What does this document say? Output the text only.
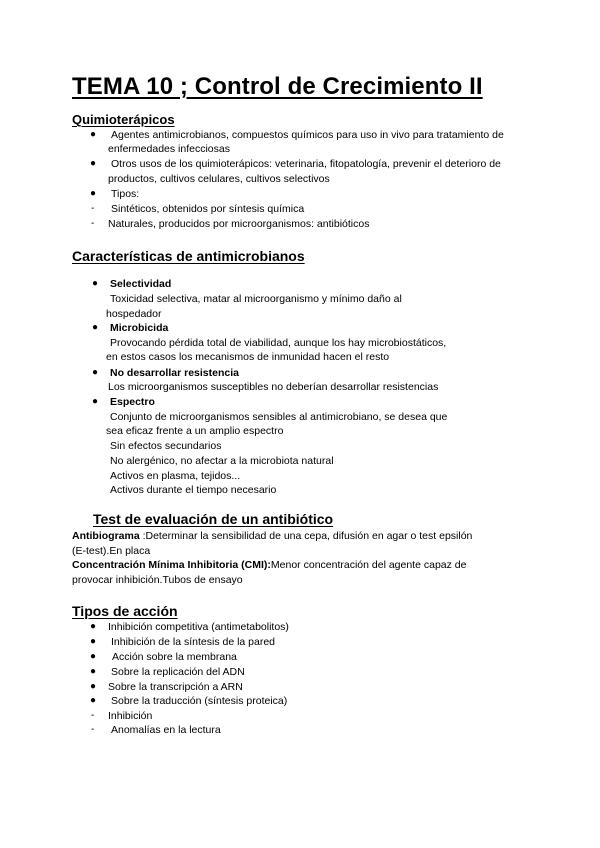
TEMA 10 ; Control de Crecimiento II
Quimioterápicos
● Agentes antimicrobianos, compuestos químicos para uso in vivo para tratamiento de
enfermedades infecciosas
● Otros usos de los quimioterápicos: veterinaria, fitopatología, prevenir el deterioro de
productos, cultivos celulares, cultivos selectivos
● Tipos:
- Sintéticos, obtenidos por síntesis química
- Naturales, producidos por microorganismos: antibióticos
Características de antimicrobianos
● Selectividad
Toxicidad selectiva, matar al microorganismo y mínimo daño al
hospedador
● Microbicida
Provocando pérdida total de viabilidad, aunque los hay microbiostáticos,
en estos casos los mecanismos de inmunidad hacen el resto
● No desarrollar resistencia
Los microorganismos susceptibles no deberían desarrollar resistencias
● Espectro
Conjunto de microorganismos sensibles al antimicrobiano, se desea que
sea eficaz frente a un amplio espectro
Sin efectos secundarios
No alergénico, no afectar a la microbiota natural
Activos en plasma, tejidos...
Activos durante el tiempo necesario
Test de evaluación de un antibiótico
Antibiograma :Determinar la sensibilidad de una cepa, difusión en agar o test epsilón
(E-test).En placa
Concentración Mínima Inhibitoria (CMI):Menor concentración del agente capaz de
provocar inhibición.Tubos de ensayo
Tipos de acción
● Inhibición competitiva (antimetabolitos)
● Inhibición de la síntesis de la pared
● Acción sobre la membrana
● Sobre la replicación del ADN
● Sobre la transcripción a ARN
● Sobre la traducción (síntesis proteica)
- Inhibición
- Anomalías en la lectura
